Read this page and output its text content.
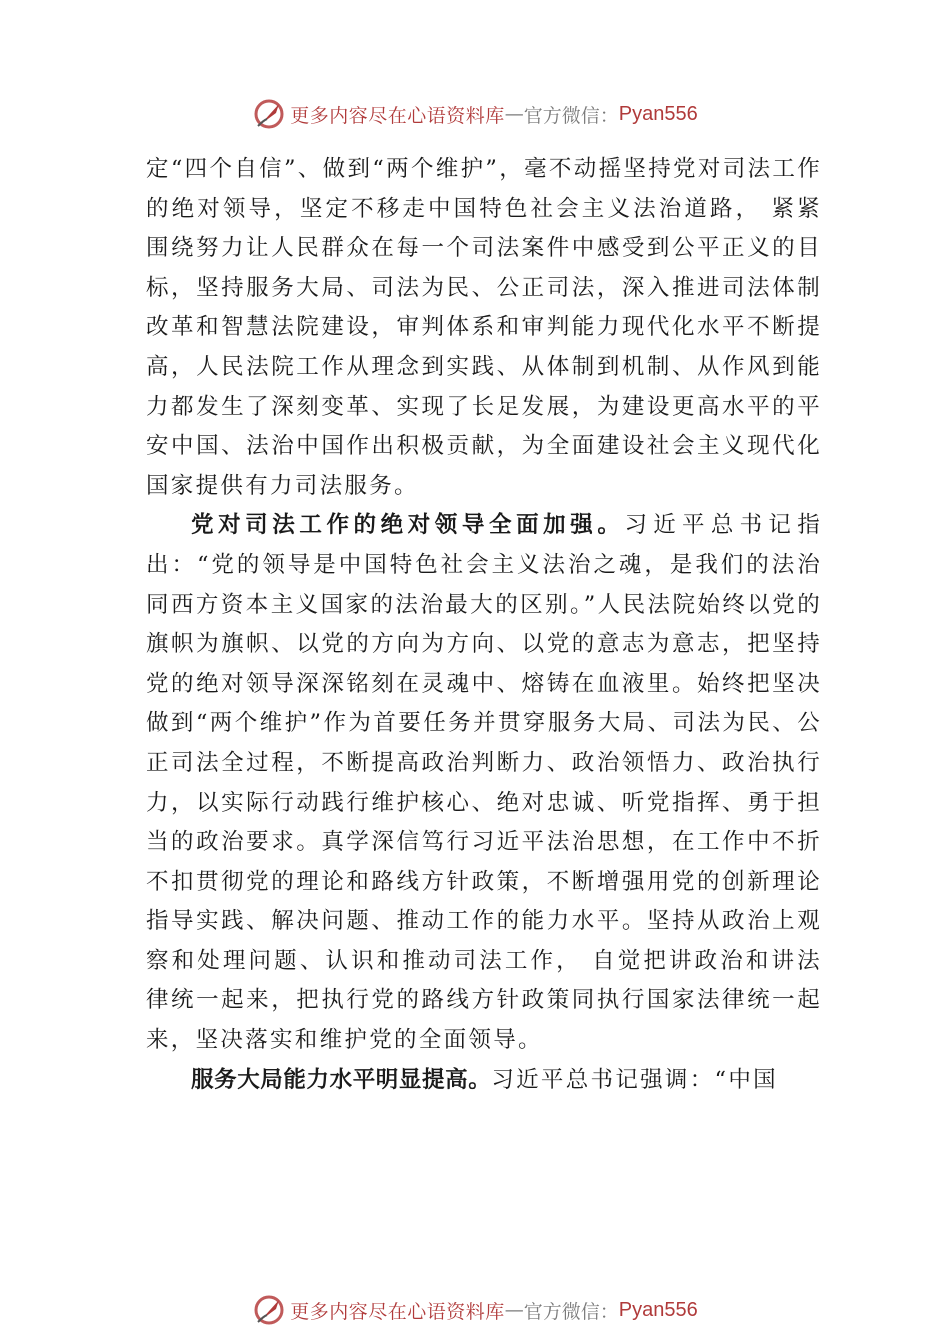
更多内容尽在心语资料库 — 官方微信： Pyan556

定“四个自信”、做到“两个维护”，毫不动摇坚持党对司法工作的绝对领导，坚定不移走中国特色社会主义法治道路， 紧紧围绕努力让人民群众在每一个司法案件中感受到公平正义的目标，坚持服务大局、司法为民、公正司法，深入推进司法体制改革和智慧法院建设，审判体系和审判能力现代化水平不断提高，人民法院工作从理念到实践、从体制到机制、从作风到能力都发生了深刻变革、实现了长足发展，为建设更高水平的平安中国、法治中国作出积极贡献，为全面建设社会主义现代化国家提供有力司法服务。

党对司法工作的绝对领导全面加强。习近平总书记指出：“党的领导是中国特色社会主义法治之魂，是我们的法治同西方资本主义国家的法治最大的区别。”人民法院始终以党的旗帜为旗帜、以党的方向为方向、以党的意志为意志，把坚持党的绝对领导深深铭刻在灵魂中、熔铸在血液里。始终把坚决做到“两个维护”作为首要任务并贯穿服务大局、司法为民、公正司法全过程，不断提高政治判断力、政治领悟力、政治执行力，以实际行动践行维护核心、绝对忠诚、听党指挥、勇于担当的政治要求。真学深信笃行习近平法治思想，在工作中不折不扣贯彻党的理论和路线方针政策，不断增强用党的创新理论指导实践、解决问题、推动工作的能力水平。坚持从政治上观察和处理问题、认识和推动司法工作， 自觉把讲政治和讲法律统一起来，把执行党的路线方针政策同执行国家法律统一起来，坚决落实和维护党的全面领导。

服务大局能力水平明显提高。习近平总书记强调：“中国

更多内容尽在心语资料库 — 官方微信： Pyan556
